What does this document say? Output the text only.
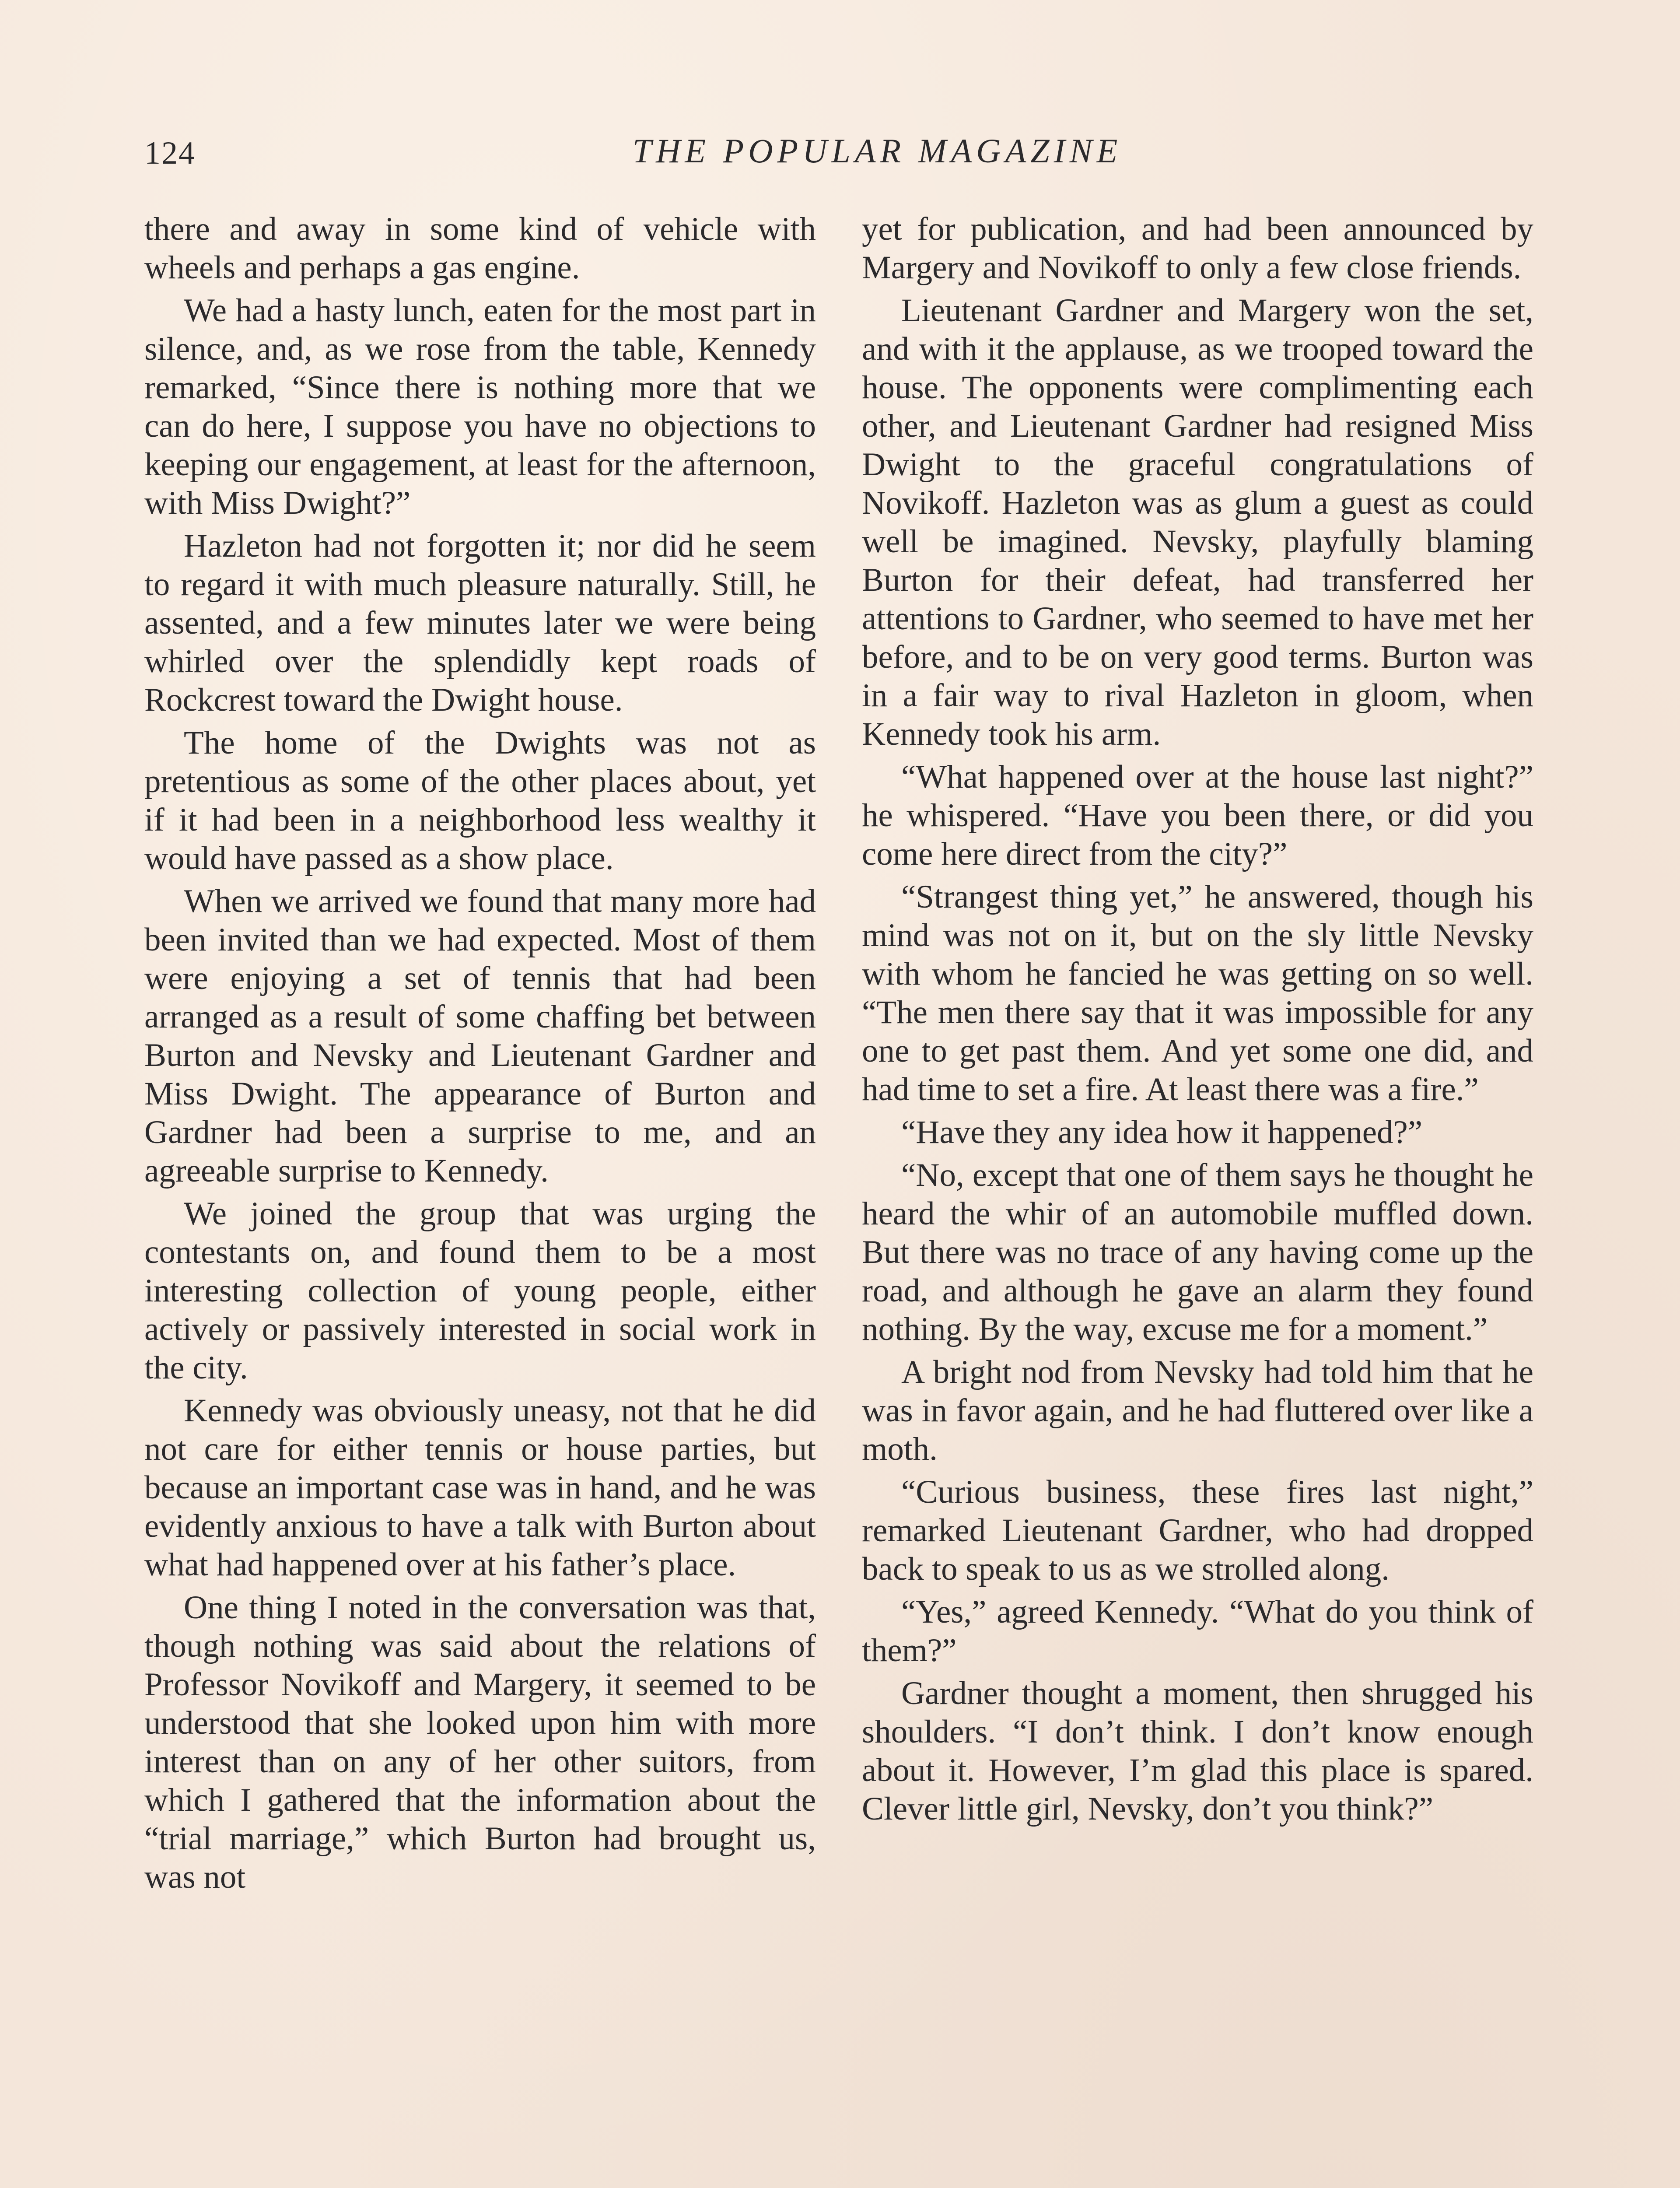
124	THE POPULAR MAGAZINE

there and away in some kind of vehicle with wheels and perhaps a gas engine.

We had a hasty lunch, eaten for the most part in silence, and, as we rose from the table, Kennedy remarked, “Since there is nothing more that we can do here, I suppose you have no objections to keeping our engagement, at least for the afternoon, with Miss Dwight?”

Hazleton had not forgotten it; nor did he seem to regard it with much pleasure naturally. Still, he assented, and a few minutes later we were being whirled over the splendidly kept roads of Rockcrest toward the Dwight house.

The home of the Dwights was not as pretentious as some of the other places about, yet if it had been in a neighborhood less wealthy it would have passed as a show place.

When we arrived we found that many more had been invited than we had expected. Most of them were enjoying a set of tennis that had been arranged as a result of some chaffing bet between Burton and Nevsky and Lieutenant Gardner and Miss Dwight. The appearance of Burton and Gardner had been a surprise to me, and an agreeable surprise to Kennedy.

We joined the group that was urging the contestants on, and found them to be a most interesting collection of young people, either actively or passively interested in social work in the city.

Kennedy was obviously uneasy, not that he did not care for either tennis or house parties, but because an important case was in hand, and he was evidently anxious to have a talk with Burton about what had happened over at his father’s place.

One thing I noted in the conversation was that, though nothing was said about the relations of Professor Novikoff and Margery, it seemed to be understood that she looked upon him with more interest than on any of her other suitors, from which I gathered that the information about the “trial marriage,” which Burton had brought us, was not

yet for publication, and had been announced by Margery and Novikoff to only a few close friends.

Lieutenant Gardner and Margery won the set, and with it the applause, as we trooped toward the house. The opponents were complimenting each other, and Lieutenant Gardner had resigned Miss Dwight to the graceful congratulations of Novikoff. Hazleton was as glum a guest as could well be imagined. Nevsky, playfully blaming Burton for their defeat, had transferred her attentions to Gardner, who seemed to have met her before, and to be on very good terms. Burton was in a fair way to rival Hazleton in gloom, when Kennedy took his arm.

“What happened over at the house last night?” he whispered. “Have you been there, or did you come here direct from the city?”

“Strangest thing yet,” he answered, though his mind was not on it, but on the sly little Nevsky with whom he fancied he was getting on so well. “The men there say that it was impossible for any one to get past them. And yet some one did, and had time to set a fire. At least there was a fire.”

“Have they any idea how it happened?”

“No, except that one of them says he thought he heard the whir of an automobile muffled down. But there was no trace of any having come up the road, and although he gave an alarm they found nothing. By the way, excuse me for a moment.”

A bright nod from Nevsky had told him that he was in favor again, and he had fluttered over like a moth.

“Curious business, these fires last night,” remarked Lieutenant Gardner, who had dropped back to speak to us as we strolled along.

“Yes,” agreed Kennedy. “What do you think of them?”

Gardner thought a moment, then shrugged his shoulders. “I don’t think. I don’t know enough about it. However, I’m glad this place is spared. Clever little girl, Nevsky, don’t you think?”
